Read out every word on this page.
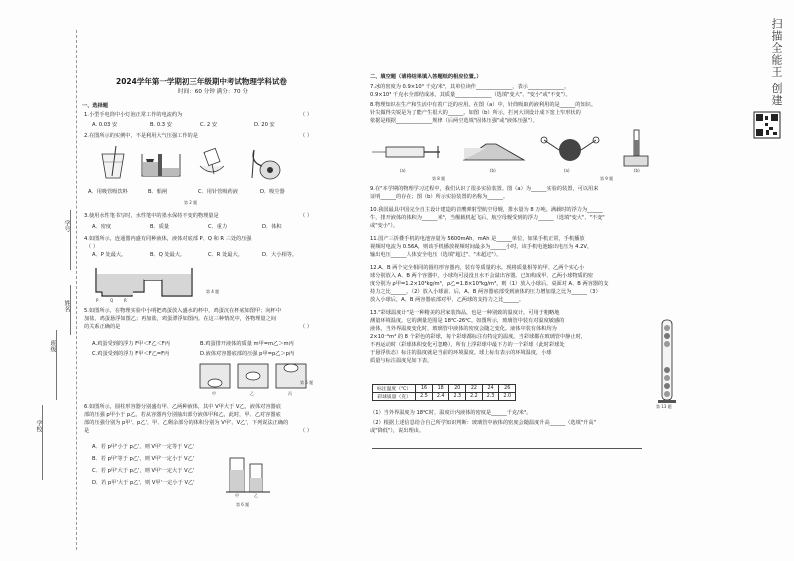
学号
姓名
班级
学校
扫描全能王 创建
2024学年第一学期初三年级期中考试物理学科试卷
时间：60 分钟 满分：70 分
一、选择题
1.小型手电筒中小灯泡正常工作的电流约为	（ ）
A. 0.03 安	B. 0.3 安	C. 2 安	D. 20 安
2.在图所示的实例中，不是利用大气压强工作的是	（ ）
A．用吸管吸饮料	B．船闸	C．用针管吸药液	D．吸尘器
第 2 题
3.使用水性笔书写时，水性笔中的墨水保持不变的物理量是	（ ）
A．密度	B．质量	C．重力	D．体积
4.如图所示，连通器内盛有同种液体，液体对底部 P、Q 和 R 三处的压强
（ ）
A．P 处最大。	B．Q 处最大。	C．R 处最大。	D．大小相等。
P	Q	R
第 4 题
5.如图所示，在物理实验中小明把鸡蛋放入盛水的杯中，鸡蛋沉在杯底如图甲；向杯中
加盐，鸡蛋悬浮如图乙；再加盐，鸡蛋漂浮如图丙。在这三种情况中，各物理量之间
的关系正确的是	（ ）
A.鸡蛋受到的浮力 F甲＜F乙＜F丙	B.鸡蛋排开液体的质量 m甲=m乙＞m丙
C.鸡蛋受到的浮力 F甲＜F乙=F丙	D.液体对容器底部的压强 p甲=p乙＞p丙
甲	乙	丙
第 5 题
6.如图所示，圆柱形容器分别盛有甲、乙两种液体，其中 V甲大于 V乙，液体对容器底
部的压强 p甲小于 p乙。若从容器内分别抽出部分液体甲和乙，此时，甲、乙对容器底
部的压强分别为 p甲'、p乙'，甲、乙剩余部分的体积分别为 V甲'、V乙'，下列说法正确的
是	（ ）
A．若 p甲'小于 p乙'，则 V甲'一定等于 V乙'
B．若 p甲'等于 p乙'，则 V甲'一定小于 V乙'
C．若 p甲'大于 p乙'，则 V甲'一定大于 V乙'
D．若 p甲'大于 p乙'，则 V甲'一定小于 V乙'
甲	乙
第 6 题
二、填空题（请将结果填入答题纸的相应位置。）
7.冰的密度为 0.9×10³ 千克/米³，其单位读作______________，表示______________。
0.9×10³ 千克水全部结成冰，其质量______________（选填"变大"、"变小"或"不变"）。
8.物理知识在生产和生活中有着广泛的应用。在图（a）中，针筒吸取药液利用的是______的知识。
针尖做得尖锐是为了能产生很大的______。如图（b）所示，拦河大坝设计成下宽上窄形状的
依据是根据______________规律（后两空选填"固体压强"或"液体压强"）。
(a)	(b)	(a)	(b)
第 8 题	第 9 题
9.在"本学期的物理学习过程中，我们认识了很多实验装置。图（a）为______实验的装置，可以用来
证明______的存在；图（b）所示实验装置的名称为______。
10.我国最具中国完全自主设计建造的首艘弹射型航空母舰，排水量为 8 万吨。满载时的浮力为______
牛，排开液体的体积为______米³，当舰载机起飞后，航空母舰受到的浮力______（选填"变大"、"不变"
或"变小"）。
11.国产三折叠手机的电池容量为 5600mAh，mAh 是______单位，如果手机正常，手机播放
视频时电流为 0.56A，则该手机播放视频时间最多为______小时。该手机电池输出电压为 4.2V，
输出电压______人体安全电压（选填"超过"、"未超过"）。
12.A、B 两个完全相同的圆柱形容器内，装有等质量的水。现将质量相等的甲、乙两个实心小
球分别放入 A、B 两个容器中，小球均可浸没且水不会溢出容器。已知构成甲、乙两小球物质的密
度分别为 ρ甲=1.2×10³kg/m³，ρ乙=1.8×10³kg/m³。则（1）放入小球后，桌面对 A、B 两容器的支
持力之比______。（2）放入小球前、后，A、B 两容器底部受到液体的压力增加量之比为______（3）
放入小球后，A、B 两容器底部对甲、乙两球的支持力之比______。
13."彩球温度计"是一种精美的居家装饰品，也是一种别致的温度计，可用于粗略地
测量环境温度。它的测量范围是 18℃-26℃。如图所示，玻璃管中装有对温度敏感的
液体，当外界温度变化时，玻璃管中液体的密度会随之变化。液体中装有体积均为
2×10⁻⁶m³ 的 8 个彩色的彩球，每个彩球都标注有特定的温度。当彩球都在玻璃管中静止时，
不再运动时（彩球体积变化可忽略），所有上浮彩球中最下方的一个彩球（此时彩球处
于悬浮状态）标注的温度就是当前的环境温度。球上标有表示的环境温度，小球
质量与标注温度见如下表。
标注温度（℃）	16	18	20	22	24	26
彩球质量（克）	2.5	2.4	2.3	2.2	2.3	2.0
（1）当外界温度为 18℃时，温度计内液体的密度是______千克/米³。
（2）根据上述信息给合自己所学知识判断：玻璃管中液体的密度会随温度升高______（选填"升高"
或"降低"），说出理由。
第 13 题
